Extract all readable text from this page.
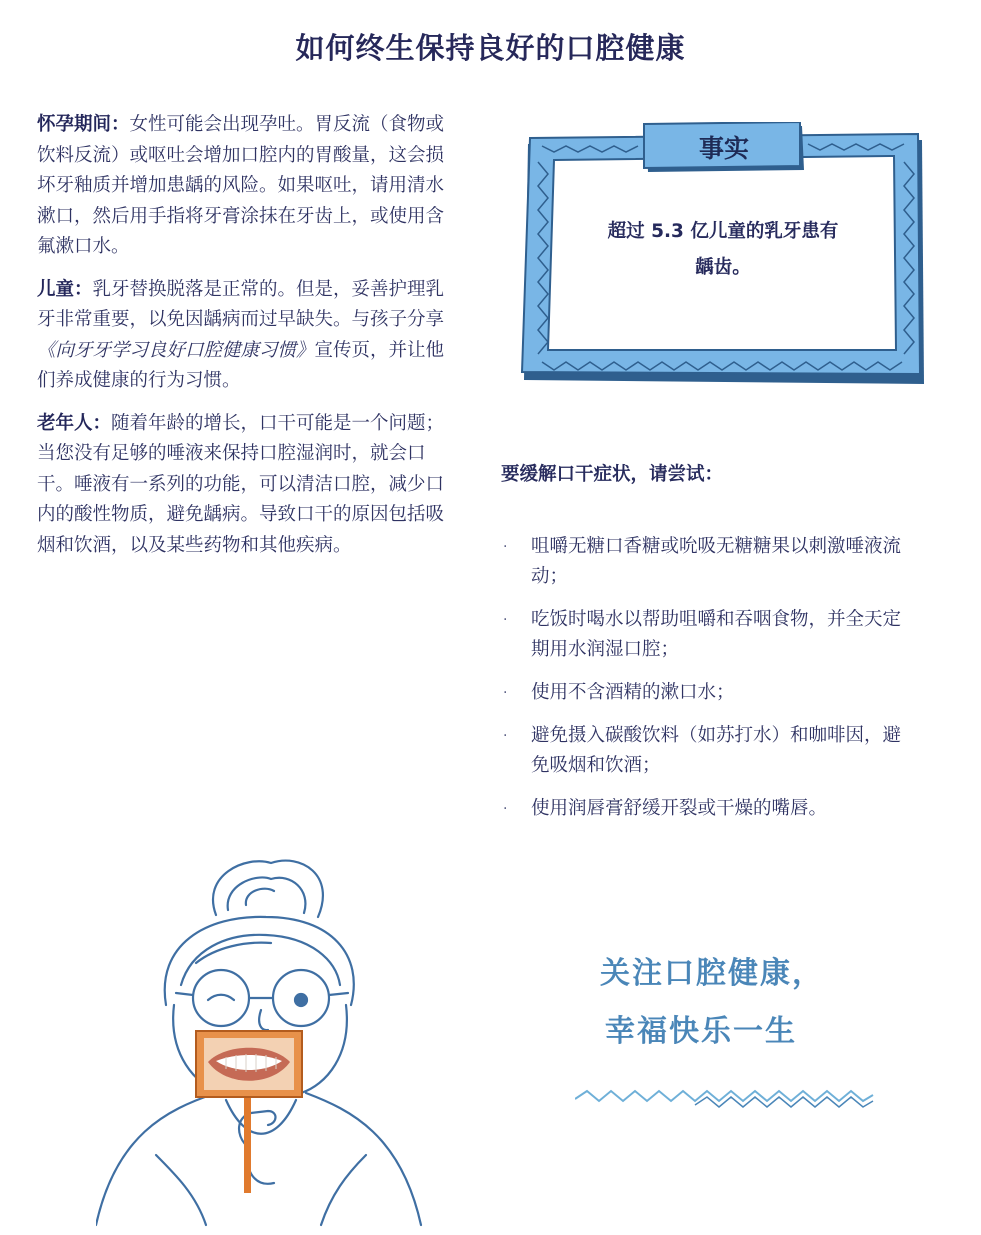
如何终生保持良好的口腔健康

怀孕期间：女性可能会出现孕吐。胃反流（食物或饮料反流）或呕吐会增加口腔内的胃酸量，这会损坏牙釉质并增加患龋的风险。如果呕吐，请用清水漱口，然后用手指将牙膏涂抹在牙齿上，或使用含氟漱口水。

儿童：乳牙替换脱落是正常的。但是，妥善护理乳牙非常重要，以免因龋病而过早缺失。与孩子分享《向牙牙学习良好口腔健康习惯》宣传页，并让他们养成健康的行为习惯。

老年人：随着年龄的增长，口干可能是一个问题；当您没有足够的唾液来保持口腔湿润时，就会口干。唾液有一系列的功能，可以清洁口腔，减少口内的酸性物质，避免龋病。导致口干的原因包括吸烟和饮酒，以及某些药物和其他疾病。

事实
超过 5.3 亿儿童的乳牙患有
龋齿。
要缓解口干症状，请尝试：
· 咀嚼无糖口香糖或吮吸无糖糖果以刺激唾液流动；
· 吃饭时喝水以帮助咀嚼和吞咽食物，并全天定期用水润湿口腔；
· 使用不含酒精的漱口水；
· 避免摄入碳酸饮料（如苏打水）和咖啡因，避免吸烟和饮酒；
· 使用润唇膏舒缓开裂或干燥的嘴唇。
关注口腔健康，
幸福快乐一生
